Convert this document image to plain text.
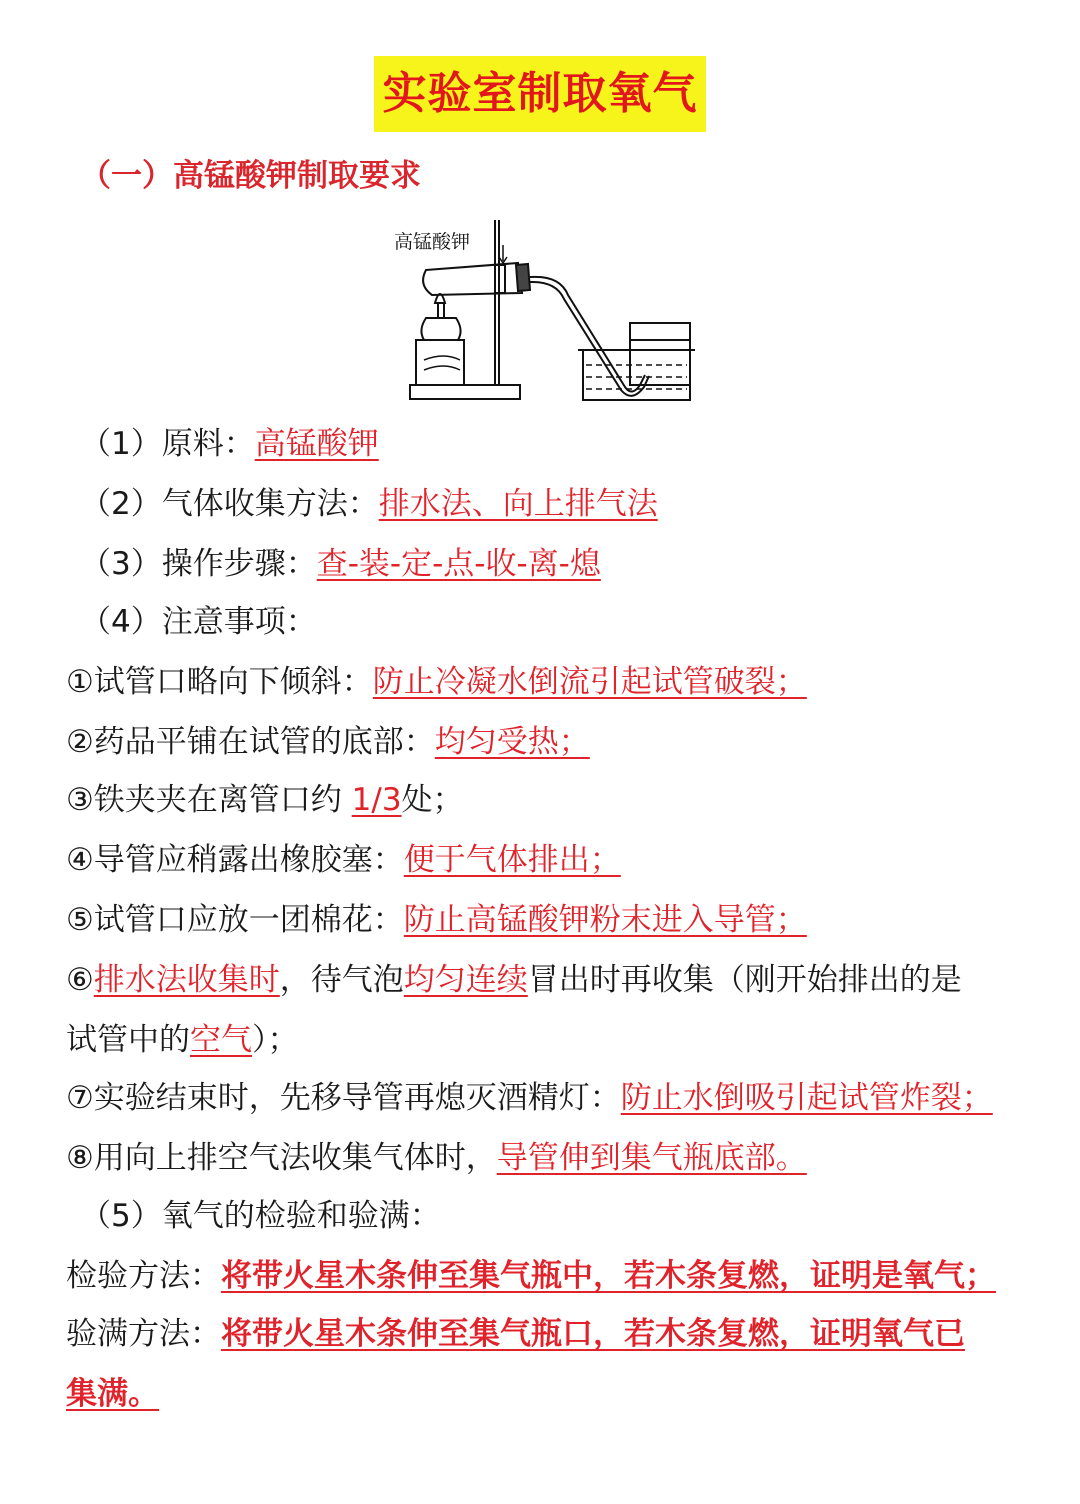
实验室制取氧气
（一）高锰酸钾制取要求
高锰酸钾
（1）原料：高锰酸钾
（2）气体收集方法：排水法、向上排气法
（3）操作步骤：查-装-定-点-收-离-熄
（4）注意事项：
①试管口略向下倾斜：防止冷凝水倒流引起试管破裂；
②药品平铺在试管的底部：均匀受热；
③铁夹夹在离管口约 1/3处；
④导管应稍露出橡胶塞：便于气体排出；
⑤试管口应放一团棉花：防止高锰酸钾粉末进入导管；
⑥排水法收集时，待气泡均匀连续冒出时再收集（刚开始排出的是
试管中的空气）；
⑦实验结束时，先移导管再熄灭酒精灯：防止水倒吸引起试管炸裂；
⑧用向上排空气法收集气体时，导管伸到集气瓶底部。
（5）氧气的检验和验满：
检验方法：将带火星木条伸至集气瓶中，若木条复燃，证明是氧气；
验满方法：将带火星木条伸至集气瓶口，若木条复燃，证明氧气已
集满。
